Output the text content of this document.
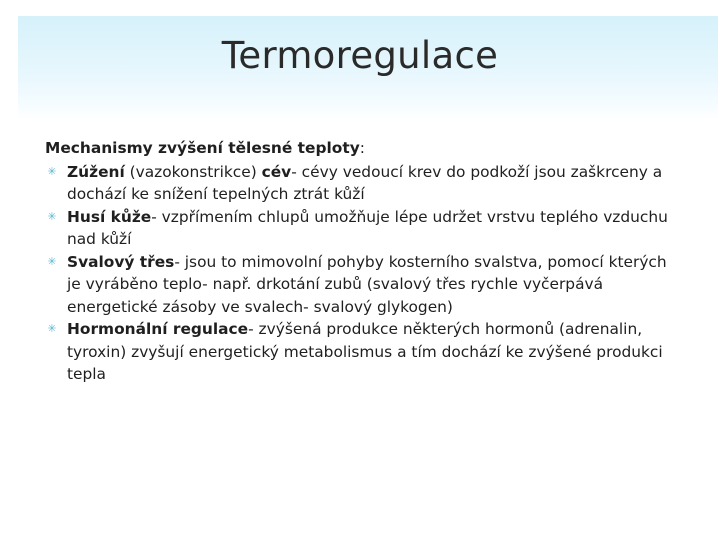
Termoregulace
Mechanismy zvýšení tělesné teploty:
✳ Zúžení (vazokonstrikce) cév- cévy vedoucí krev do podkoží jsou zaškrceny a dochází ke snížení tepelných ztrát kůží
✳ Husí kůže- vzpřímením chlupů umožňuje lépe udržet vrstvu teplého vzduchu nad kůží
✳ Svalový třes- jsou to mimovolní pohyby kosterního svalstva, pomocí kterých je vyráběno teplo- např. drkotání zubů (svalový třes rychle vyčerpává energetické zásoby ve svalech- svalový glykogen)
✳ Hormonální regulace- zvýšená produkce některých hormonů (adrenalin, tyroxin) zvyšují energetický metabolismus a tím dochází ke zvýšené produkci tepla
